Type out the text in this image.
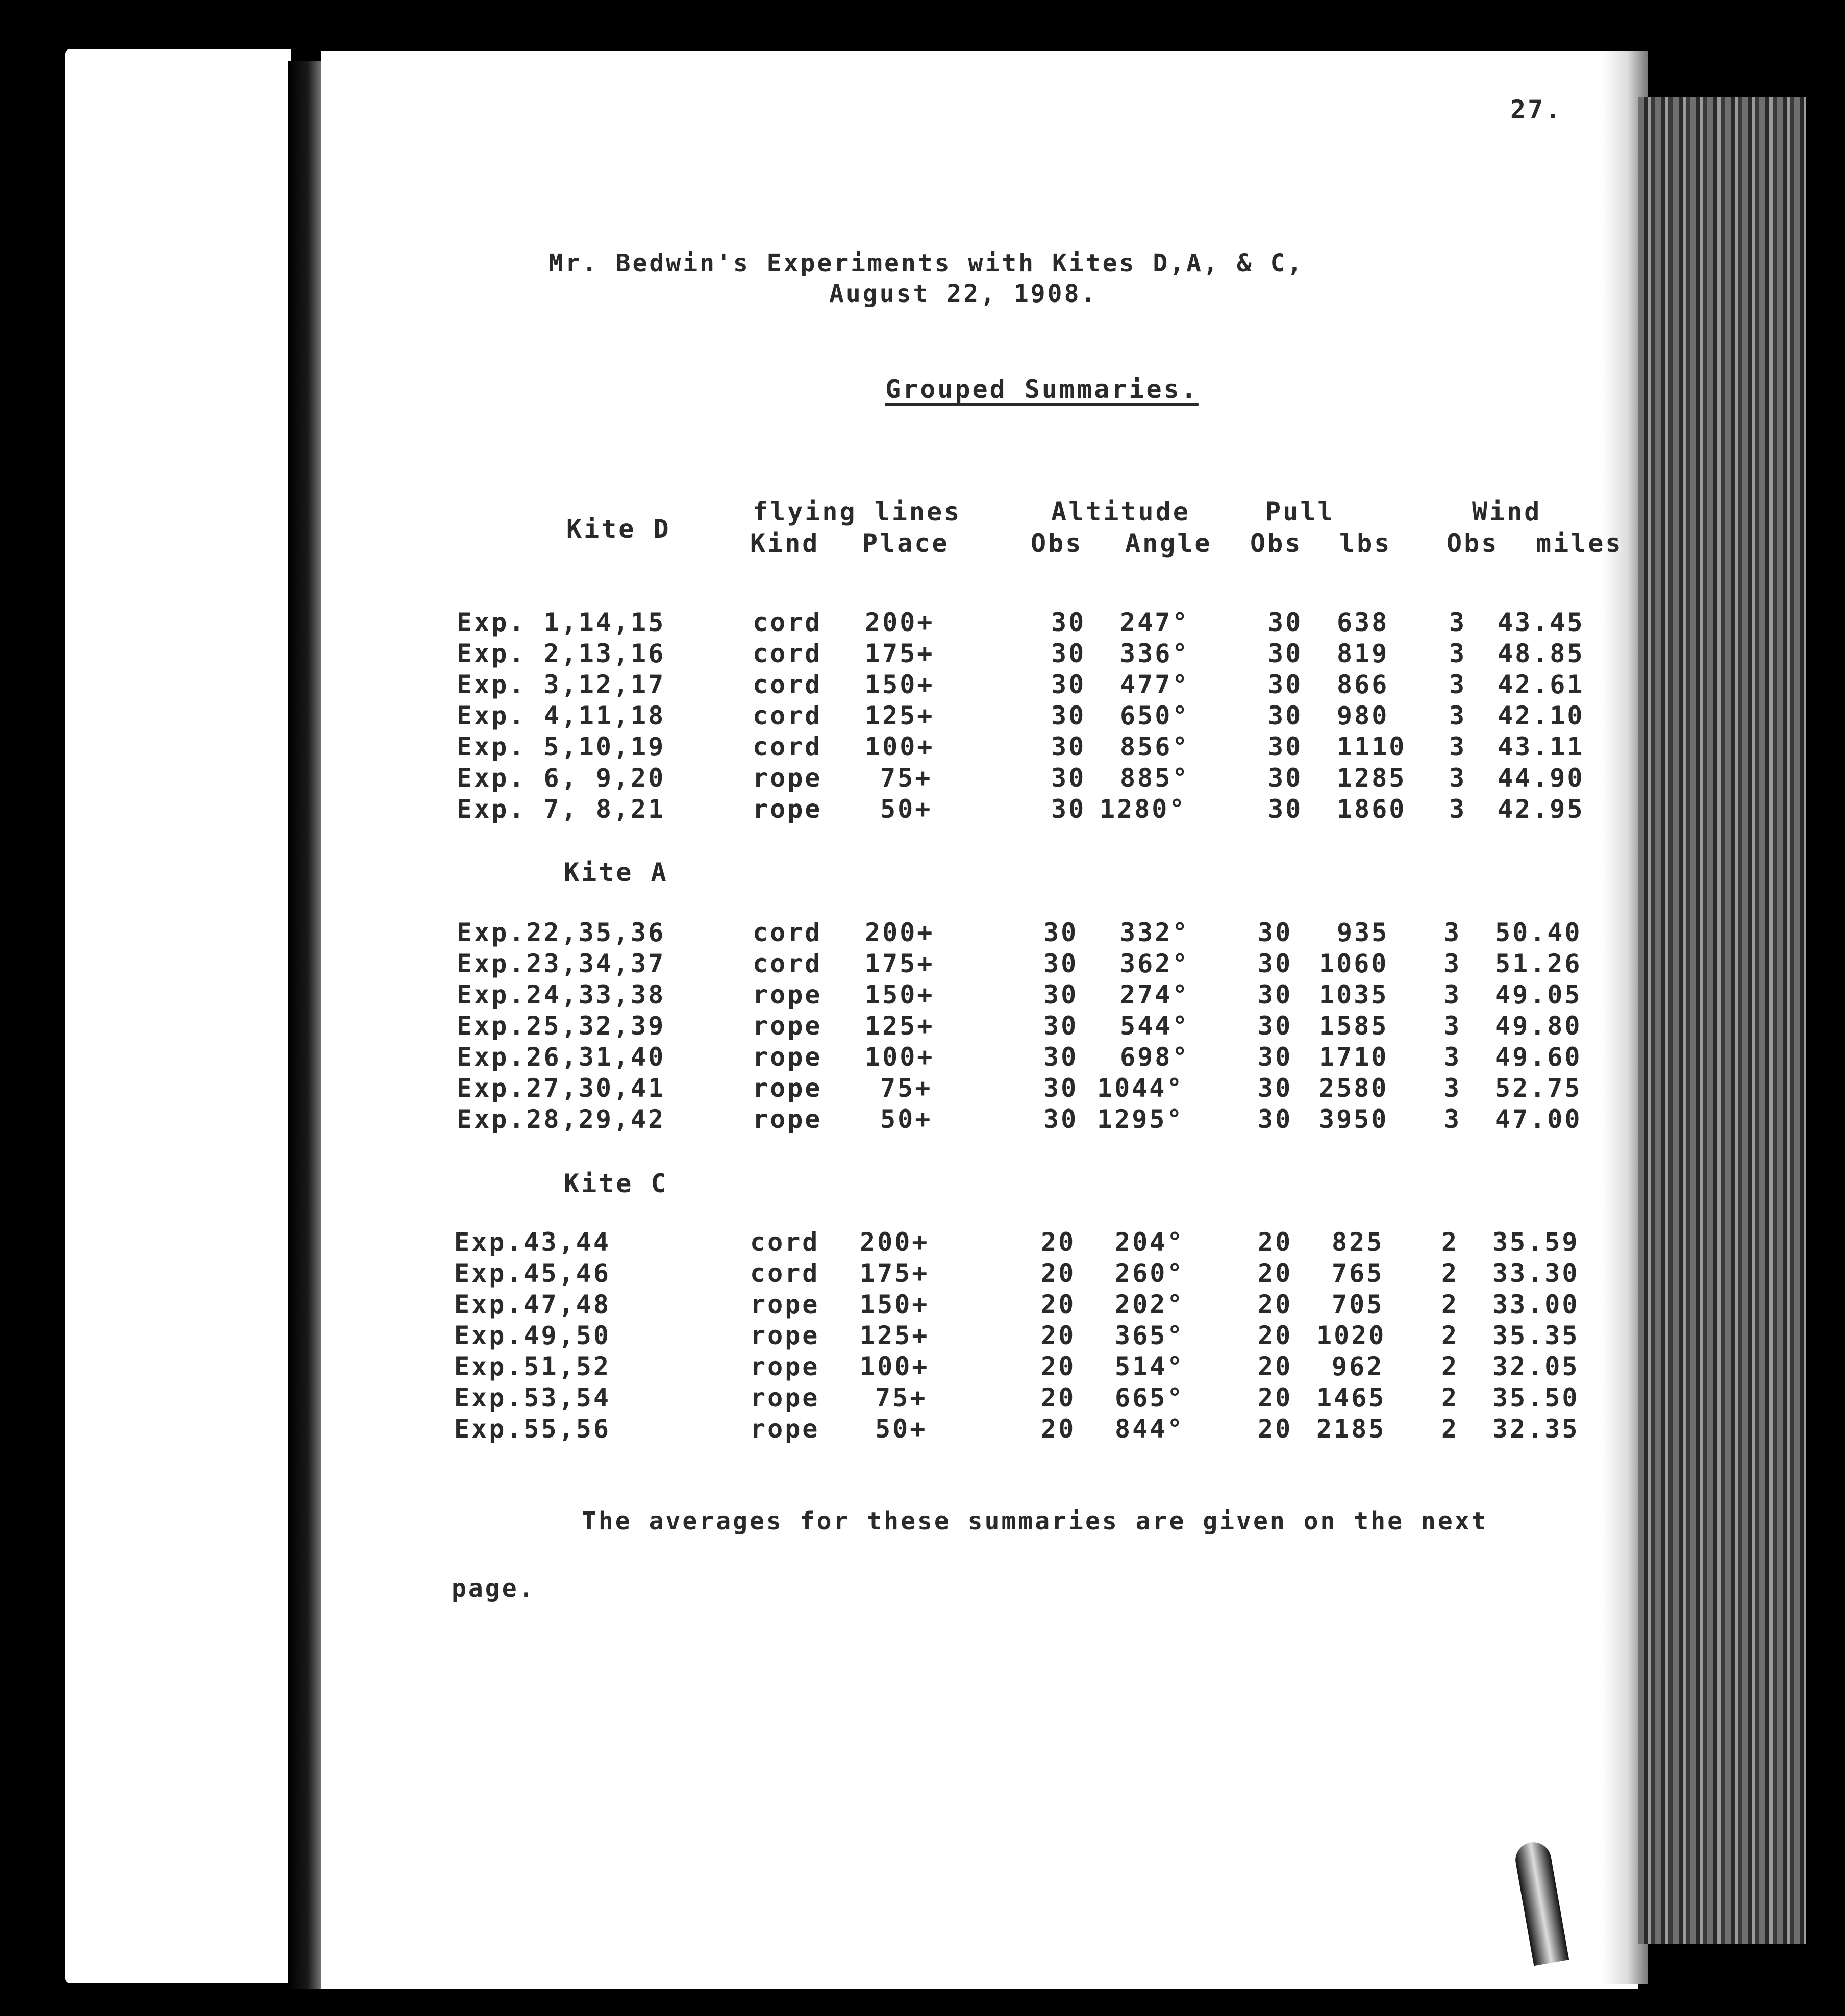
27.
Mr. Bedwin's Experiments with Kites D,A, & C,
August 22, 1908.
Grouped Summaries.
flying lines	Altitude	Pull	Wind
Kind Place	Obs Angle Obs lbs Obs miles
Kite D
Exp. 1,14,15	cord 200+	30 247°	30 638 3 43.45
Exp. 2,13,16	cord 175+	30 336°	30 819 3 48.85
Exp. 3,12,17	cord 150+	30 477°	30 866 3 42.61
Exp. 4,11,18	cord 125+	30 650°	30 980 3 42.10
Exp. 5,10,19	cord 100+	30 856°	30 1110 3 43.11
Exp. 6, 9,20	rope 75+	30 885°	30 1285 3 44.90
Exp. 7, 8,21	rope 50+	30 1280°	30 1860 3 42.95
Kite A
Exp.22,35,36	cord 200+	30 332°	30 935 3 50.40
Exp.23,34,37	cord 175+	30 362°	30 1060 3 51.26
Exp.24,33,38	rope 150+	30 274°	30 1035 3 49.05
Exp.25,32,39	rope 125+	30 544°	30 1585 3 49.80
Exp.26,31,40	rope 100+	30 698°	30 1710 3 49.60
Exp.27,30,41	rope 75+	30 1044°	30 2580 3 52.75
Exp.28,29,42	rope 50+	30 1295°	30 3950 3 47.00
Kite C
Exp.43,44	cord 200+	20 204°	20 825 2 35.59
Exp.45,46	cord 175+	20 260°	20 765 2 33.30
Exp.47,48	rope 150+	20 202°	20 705 2 33.00
Exp.49,50	rope 125+	20 365°	20 1020 2 35.35
Exp.51,52	rope 100+	20 514°	20 962 2 32.05
Exp.53,54	rope 75+	20 665°	20 1465 2 35.50
Exp.55,56	rope 50+	20 844°	20 2185 2 32.35
The averages for these summaries are given on the next
page.
